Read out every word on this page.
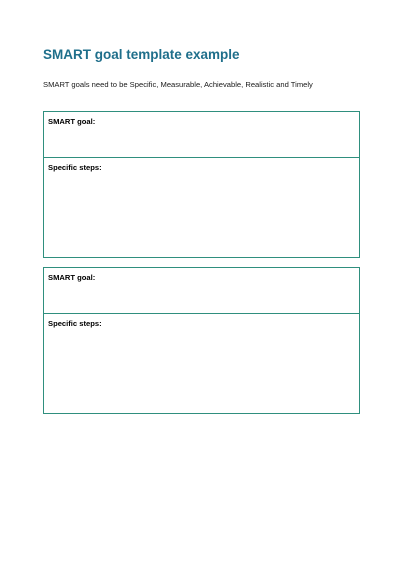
SMART goal template example

SMART goals need to be Specific, Measurable, Achievable, Realistic and Timely

SMART goal:
Specific steps:
SMART goal:
Specific steps:
